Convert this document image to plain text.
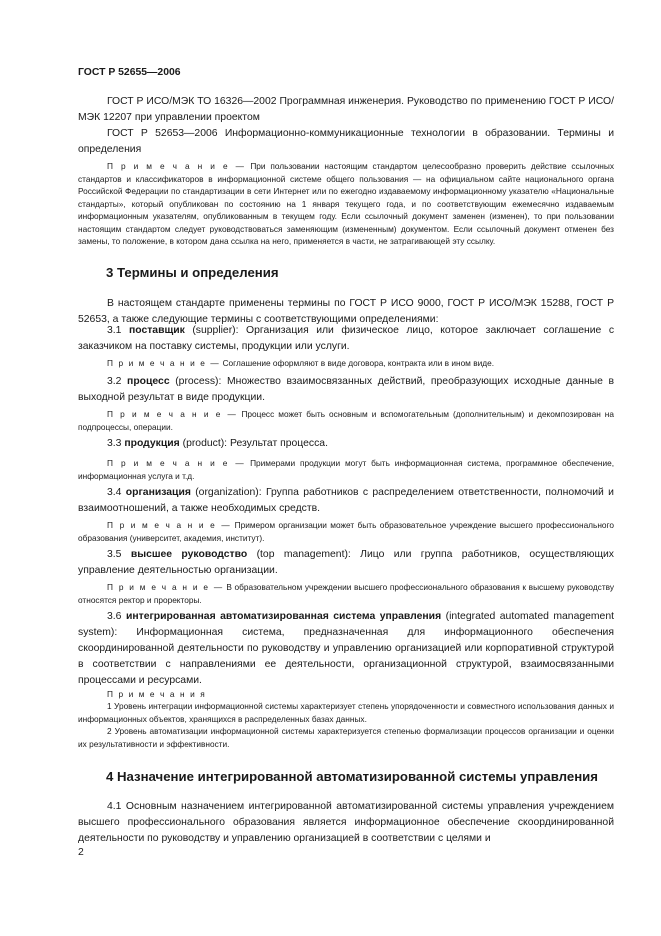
ГОСТ Р 52655—2006

ГОСТ Р ИСО/МЭК ТО 16326—2002 Программная инженерия. Руководство по применению ГОСТ Р ИСО/МЭК 12207 при управлении проектом

ГОСТ Р 52653—2006 Информационно-коммуникационные технологии в образовании. Термины и определения

П р и м е ч а н и е — При пользовании настоящим стандартом целесообразно проверить действие ссылочных стандартов и классификаторов в информационной системе общего пользования — на официальном сайте национального органа Российской Федерации по стандартизации в сети Интернет или по ежегодно издаваемому информационному указателю «Национальные стандарты», который опубликован по состоянию на 1 января текущего года, и по соответствующим ежемесячно издаваемым информационным указателям, опубликованным в текущем году. Если ссылочный документ заменен (изменен), то при пользовании настоящим стандартом следует руководствоваться заменяющим (измененным) документом. Если ссылочный документ отменен без замены, то положение, в котором дана ссылка на него, применяется в части, не затрагивающей эту ссылку.

3 Термины и определения

В настоящем стандарте применены термины по ГОСТ Р ИСО 9000, ГОСТ Р ИСО/МЭК 15288, ГОСТ Р 52653, а также следующие термины с соответствующими определениями:

3.1 поставщик (supplier): Организация или физическое лицо, которое заключает соглашение с заказчиком на поставку системы, продукции или услуги.

П р и м е ч а н и е — Соглашение оформляют в виде договора, контракта или в ином виде.

3.2 процесс (process): Множество взаимосвязанных действий, преобразующих исходные данные в выходной результат в виде продукции.

П р и м е ч а н и е — Процесс может быть основным и вспомогательным (дополнительным) и декомпозирован на подпроцессы, операции.

3.3 продукция (product): Результат процесса.

П р и м е ч а н и е — Примерами продукции могут быть информационная система, программное обеспечение, информационная услуга и т.д.

3.4 организация (organization): Группа работников с распределением ответственности, полномочий и взаимоотношений, а также необходимых средств.

П р и м е ч а н и е — Примером организации может быть образовательное учреждение высшего профессионального образования (университет, академия, институт).

3.5 высшее руководство (top management): Лицо или группа работников, осуществляющих управление деятельностью организации.

П р и м е ч а н и е — В образовательном учреждении высшего профессионального образования к высшему руководству относятся ректор и проректоры.

3.6 интегрированная автоматизированная система управления (integrated automated management system): Информационная система, предназначенная для информационного обеспечения скоординированной деятельности по руководству и управлению организацией или корпоративной структурой в соответствии с направлениями ее деятельности, организационной структурой, взаимосвязанными процессами и ресурсами.

П р и м е ч а н и я

1 Уровень интеграции информационной системы характеризует степень упорядоченности и совместного использования данных и информационных объектов, хранящихся в распределенных базах данных.

2 Уровень автоматизации информационной системы характеризуется степенью формализации процессов организации и оценки их результативности и эффективности.

4 Назначение интегрированной автоматизированной системы управления

4.1 Основным назначением интегрированной автоматизированной системы управления учреждением высшего профессионального образования является информационное обеспечение скоординированной деятельности по руководству и управлению организацией в соответствии с целями и

2
